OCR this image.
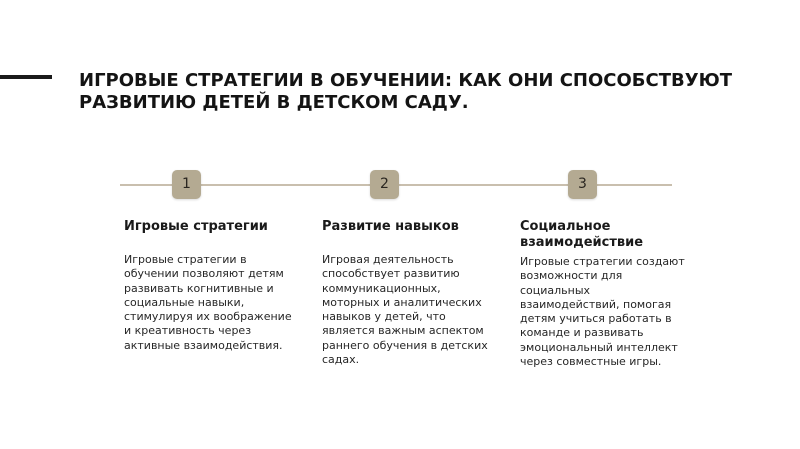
ИГРОВЫЕ СТРАТЕГИИ В ОБУЧЕНИИ: КАК ОНИ СПОСОБСТВУЮТ РАЗВИТИЮ ДЕТЕЙ В ДЕТСКОМ САДУ.
1	2	3
Игровые стратегии

Игровые стратегии в обучении позволяют детям развивать когнитивные и социальные навыки, стимулируя их воображение и креативность через активные взаимодействия.

Развитие навыков

Игровая деятельность способствует развитию коммуникационных, моторных и аналитических навыков у детей, что является важным аспектом раннего обучения в детских садах.

Социальное взаимодействие

Игровые стратегии создают возможности для социальных взаимодействий, помогая детям учиться работать в команде и развивать эмоциональный интеллект через совместные игры.
